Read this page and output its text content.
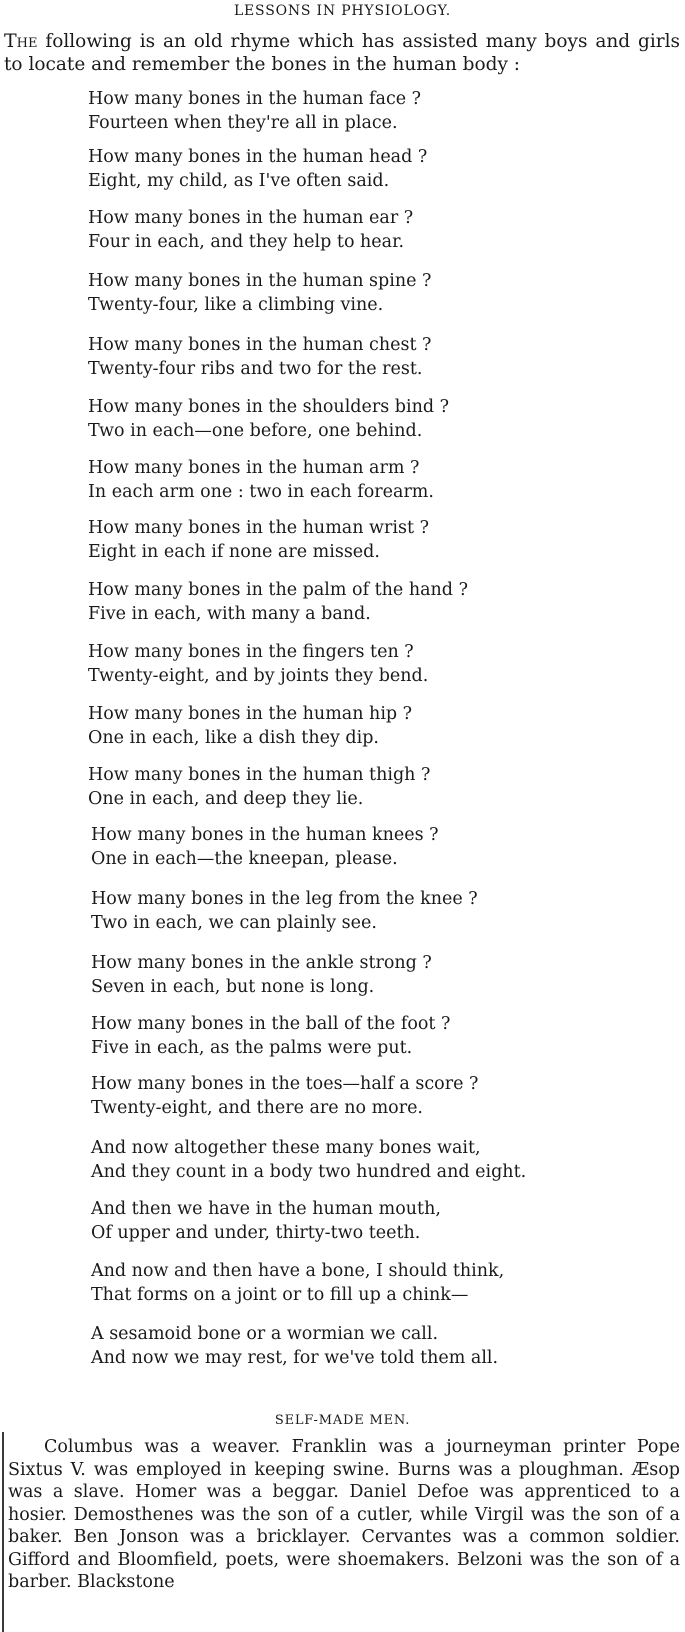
LESSONS IN PHYSIOLOGY.
The following is an old rhyme which has assisted many boys and girls to locate and remember the bones in the human body :
How many bones in the human face ?
Fourteen when they're all in place.
How many bones in the human head ?
Eight, my child, as I've often said.
How many bones in the human ear ?
Four in each, and they help to hear.
How many bones in the human spine ?
Twenty-four, like a climbing vine.
How many bones in the human chest ?
Twenty-four ribs and two for the rest.
How many bones in the shoulders bind ?
Two in each—one before, one behind.
How many bones in the human arm ?
In each arm one : two in each forearm.
How many bones in the human wrist ?
Eight in each if none are missed.
How many bones in the palm of the hand ?
Five in each, with many a band.
How many bones in the fingers ten ?
Twenty-eight, and by joints they bend.
How many bones in the human hip ?
One in each, like a dish they dip.
How many bones in the human thigh ?
One in each, and deep they lie.
How many bones in the human knees ?
One in each—the kneepan, please.
How many bones in the leg from the knee ?
Two in each, we can plainly see.
How many bones in the ankle strong ?
Seven in each, but none is long.
How many bones in the ball of the foot ?
Five in each, as the palms were put.
How many bones in the toes—half a score ?
Twenty-eight, and there are no more.
And now altogether these many bones wait,
And they count in a body two hundred and eight.
And then we have in the human mouth,
Of upper and under, thirty-two teeth.
And now and then have a bone, I should think,
That forms on a joint or to fill up a chink—
A sesamoid bone or a wormian we call.
And now we may rest, for we've told them all.
SELF-MADE MEN.

Columbus was a weaver. Franklin was a journeyman printer Pope Sixtus V. was employed in keeping swine. Burns was a ploughman. Æsop was a slave. Homer was a beggar. Daniel Defoe was apprenticed to a hosier. Demosthenes was the son of a cutler, while Virgil was the son of a baker. Ben Jonson was a bricklayer. Cervantes was a common soldier. Gifford and Bloomfield, poets, were shoemakers. Belzoni was the son of a barber. Blackstone
